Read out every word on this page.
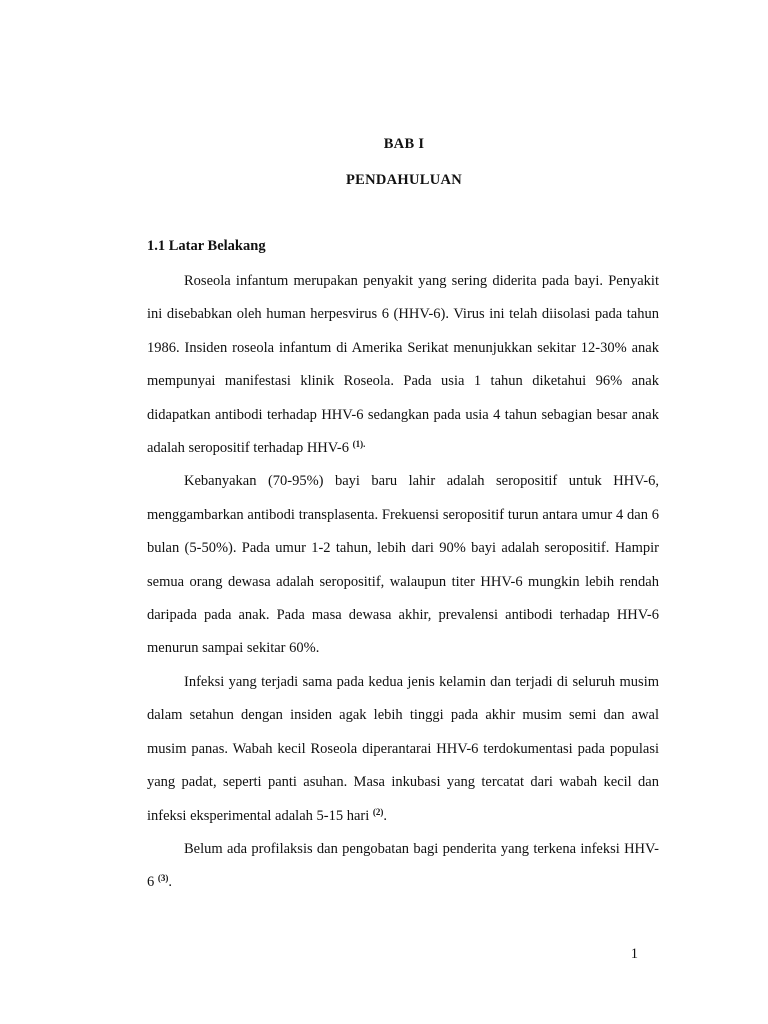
BAB I
PENDAHULUAN
1.1 Latar Belakang

Roseola infantum merupakan penyakit yang sering diderita pada bayi. Penyakit ini disebabkan oleh human herpesvirus 6 (HHV-6). Virus ini telah diisolasi pada tahun 1986. Insiden roseola infantum di Amerika Serikat menunjukkan sekitar 12-30% anak mempunyai manifestasi klinik Roseola. Pada usia 1 tahun diketahui 96% anak didapatkan antibodi terhadap HHV-6 sedangkan pada usia 4 tahun sebagian besar anak adalah seropositif terhadap HHV-6 $^{(1).}$

Kebanyakan (70-95%) bayi baru lahir adalah seropositif untuk HHV-6, menggambarkan antibodi transplasenta. Frekuensi seropositif turun antara umur 4 dan 6 bulan (5-50%). Pada umur 1-2 tahun, lebih dari 90% bayi adalah seropositif. Hampir semua orang dewasa adalah seropositif, walaupun titer HHV-6 mungkin lebih rendah daripada pada anak. Pada masa dewasa akhir, prevalensi antibodi terhadap HHV-6 menurun sampai sekitar 60%.

Infeksi yang terjadi sama pada kedua jenis kelamin dan terjadi di seluruh musim dalam setahun dengan insiden agak lebih tinggi pada akhir musim semi dan awal musim panas. Wabah kecil Roseola diperantarai HHV-6 terdokumentasi pada populasi yang padat, seperti panti asuhan. Masa inkubasi yang tercatat dari wabah kecil dan infeksi eksperimental adalah 5-15 hari $^{(2)}$.

Belum ada profilaksis dan pengobatan bagi penderita yang terkena infeksi HHV-6 $^{(3)}$.

1
